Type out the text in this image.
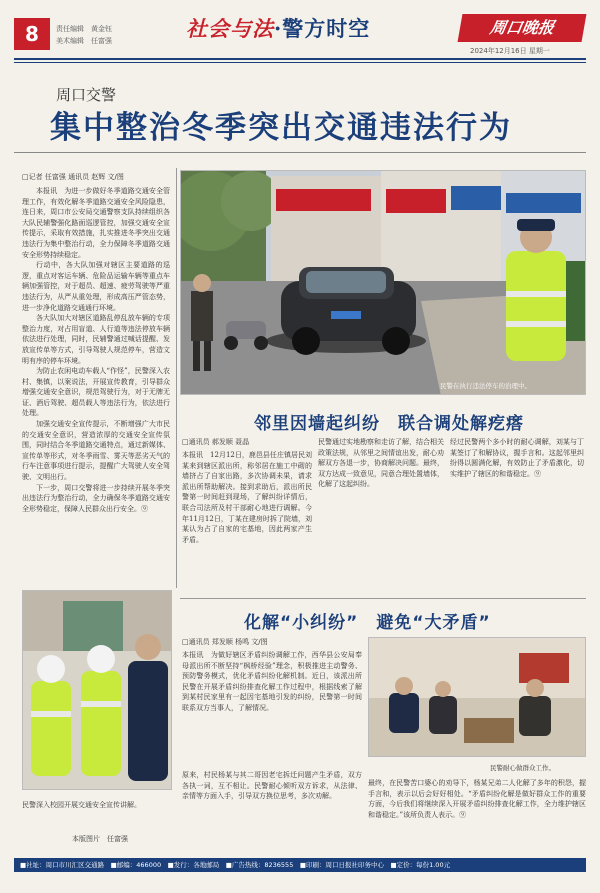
8	责任编辑　黄金钰
美术编辑　任富强	社会与法·警方时空	周口晚报
2024年12月16日 星期一
周口交警
集中整治冬季突出交通违法行为
□记者 任富强 通讯员 赵辉 文/图

本报讯　为进一步做好冬季道路交通安全管理工作，有效化解冬季道路交通安全风险隐患，连日来，周口市公安局交通警察支队持续组织各大队民辅警强化路面巡逻管控，加强交通安全宣传提示，采取有效措施，扎实推进冬季突出交通违法行为集中整治行动，全力保障冬季道路交通安全形势持续稳定。

行动中，各大队加强对辖区主要道路的巡逻，重点对客运车辆、危险品运输车辆等重点车辆加强管控，对于超员、超速、疲劳驾驶等严重违法行为，从严从重处理，形成高压严管态势，进一步净化道路交通通行环境。

各大队加大对辖区道路乱停乱放车辆的专项整治力度，对占用盲道、人行道等违法停放车辆依法进行处理，同时，民辅警通过喊话提醒、发放宣传单等方式，引导驾驶人规范停车，营造文明有序的停车环境。

为防止农闲电动车载人“作怪”，民警深入农村、集镇，以案说法，开展宣传教育，引导群众增强交通安全意识，规范驾驶行为，对于无牌无证、酒后驾驶、超员载人等违法行为，依法进行处理。

加强交通安全宣传提示，不断增强广大市民的交通安全意识，营造浓厚的交通安全宣传氛围，同时结合冬季道路交通特点，通过新媒体、宣传单等形式，对冬季雨雪、雾天等恶劣天气的行车注意事项进行提示，提醒广大驾驶人安全驾驶、文明出行。

下一步，周口交警将进一步持续开展冬季突出违法行为整治行动，全力确保冬季道路交通安全形势稳定，保障人民群众出行安全。⑨

民警在执行违法停车的治理中。
邻里因墙起纠纷　联合调处解疙瘩
□通讯员 郝发顺 聂晶
本报讯　12月12日，鹿邑县任庄镇居民刘某来到辖区派出所，称邻居在施工中砌的墙挤占了自家出路，多次协调未果，请求派出所帮助解决。接到求助后，派出所民警第一时间赶到现场，了解纠纷详情后，联合司法所及村干部耐心地进行调解。今年11月12日，丁某在建房时拆了院墙，刘某认为占了自家的宅基地，因此两家产生矛盾。
民警通过实地勘察和走访了解，结合相关政策法规，从邻里之间情谊出发，耐心劝解双方各退一步，协商解决问题。最终，双方达成一致意见，同意合理处置墙体，化解了这起纠纷。
经过民警两个多小时的耐心调解，刘某与丁某签订了和解协议，握手言和。这起邻里纠纷得以圆满化解，有效防止了矛盾激化，切实维护了辖区的和谐稳定。⑨
化解“小纠纷”　避免“大矛盾”
□通讯员 郑发顺 杨鸣 文/图
本报讯　为做好辖区矛盾纠纷调解工作，西华县公安局奉母派出所不断坚持“枫桥经验”理念，积极推进主动警务、预防警务模式，优化矛盾纠纷化解机制。近日，该派出所民警在开展矛盾纠纷排查化解工作过程中，根据线索了解到某村民家里有一起因宅基地引发的纠纷，民警第一时间联系双方当事人，了解情况。
原来，村民杨某与其二哥因老宅拆迁问题产生矛盾，双方各执一词，互不相让。民警耐心倾听双方诉求，从法律、亲情等方面入手，引导双方换位思考，多次劝解。
民警耐心做群众工作。
最终，在民警苦口婆心的劝导下，杨某兄弟二人化解了多年的积怨，握手言和，表示以后会好好相处。“矛盾纠纷化解是做好群众工作的重要方面，今后我们将继续深入开展矛盾纠纷排查化解工作，全力维护辖区和谐稳定。”该所负责人表示。⑨
民警深入校园开展交通安全宣传讲解。
本版图片　任富强
■社址：周口市川汇区交通路　■邮编：466000　■发行：各地邮局　■广告热线：8236555　■印刷：周口日报社印务中心　■定价：每份1.00元
